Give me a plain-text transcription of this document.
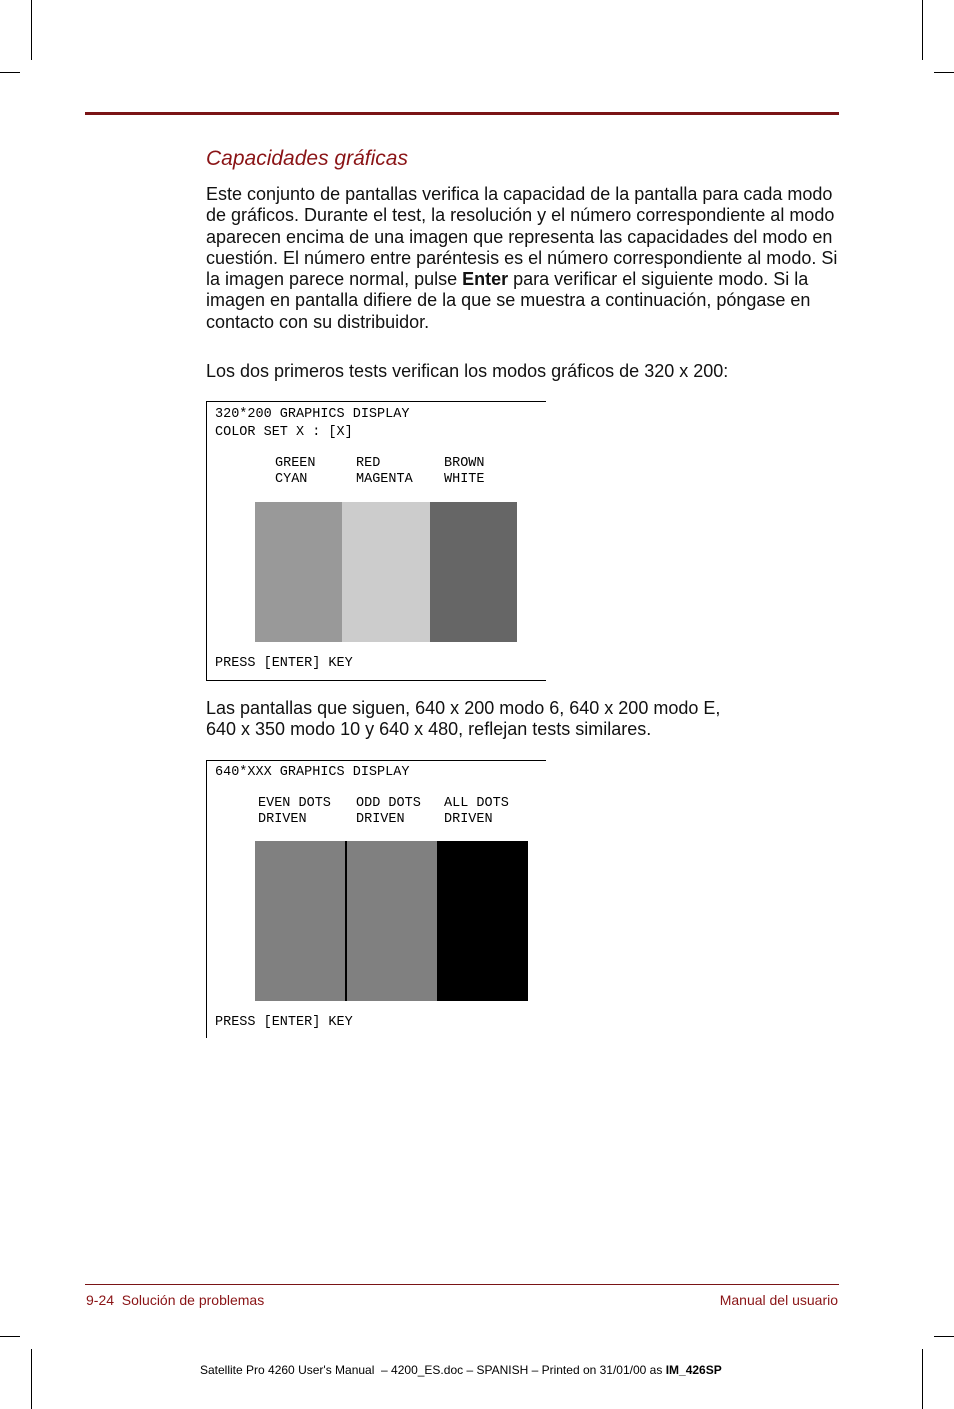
Capacidades gráficas

Este conjunto de pantallas verifica la capacidad de la pantalla para cada modo de gráficos. Durante el test, la resolución y el número correspondiente al modo aparecen encima de una imagen que representa las capacidades del modo en cuestión. El número entre paréntesis es el número correspondiente al modo. Si la imagen parece normal, pulse Enter para verificar el siguiente modo. Si la imagen en pantalla difiere de la que se muestra a continuación, póngase en contacto con su distribuidor.

Los dos primeros tests verifican los modos gráficos de 320 x 200:

320*200 GRAPHICS DISPLAY
COLOR SET X : [X]
GREEN
CYAN
RED
MAGENTA
BROWN
WHITE
PRESS [ENTER] KEY

Las pantallas que siguen, 640 x 200 modo 6, 640 x 200 modo E,
640 x 350 modo 10 y 640 x 480, reflejan tests similares.

640*XXX GRAPHICS DISPLAY
EVEN DOTS
DRIVEN
ODD DOTS
DRIVEN
ALL DOTS
DRIVEN
PRESS [ENTER] KEY
9-24  Solución de problemas	Manual del usuario
Satellite Pro 4260 User's Manual  – 4200_ES.doc – SPANISH – Printed on 31/01/00 as IM_426SP
